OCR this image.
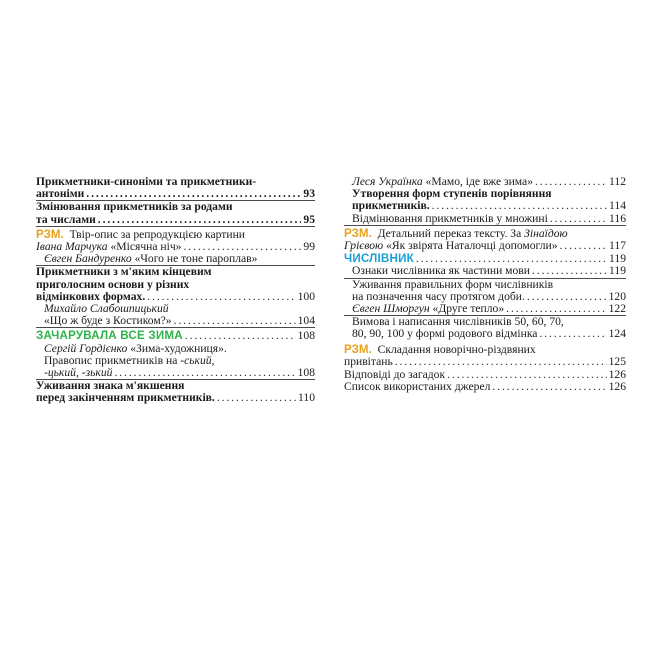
Прикметники-синоніми та прикметники-
антоніми . . .	93
Змінювання прикметників за родами
та числами . . .	95
РЗМ. Твір-опис за репродукцією картини
Івана Марчука «Місячна ніч» . . .	99
Євген Бандуренко «Чого не тоне пароплав»
Прикметники з м'яким кінцевим
приголосним основи у різних
відмінкових формах. . . .	100
Михайло Слабошпицький
«Що ж буде з Костиком?» . . .	104
ЗАЧАРУВАЛА ВСЕ ЗИМА . . .	108
Сергій Гордієнко «Зима-художниця».
Правопис прикметників на -ський,
-цький, -зький . . .	108
Уживання знака м'якшення
перед закінченням прикметників. . . .	110
Леся Українка «Мамо, іде вже зима» . . .	112
Утворення форм ступенів порівняння
прикметників. . . .	114
Відмінювання прикметників у множині . . .	116
РЗМ. Детальний переказ тексту. За Зінаїдою
Грієвою «Як звірята Наталочці допомогли» . . .	117
ЧИСЛІВНИК . . .	119
Ознаки числівника як частини мови . . .	119
Уживання правильних форм числівників
на позначення часу протягом доби. . . .	120
Євген Шморгун «Друге тепло» . . .	122
Вимова і написання числівників 50, 60, 70,
80, 90, 100 у формі родового відмінка . . .	124
РЗМ. Складання новорічно-різдвяних
привітань . . .	125
Відповіді до загадок . . .	126
Список використаних джерел . . .	126
